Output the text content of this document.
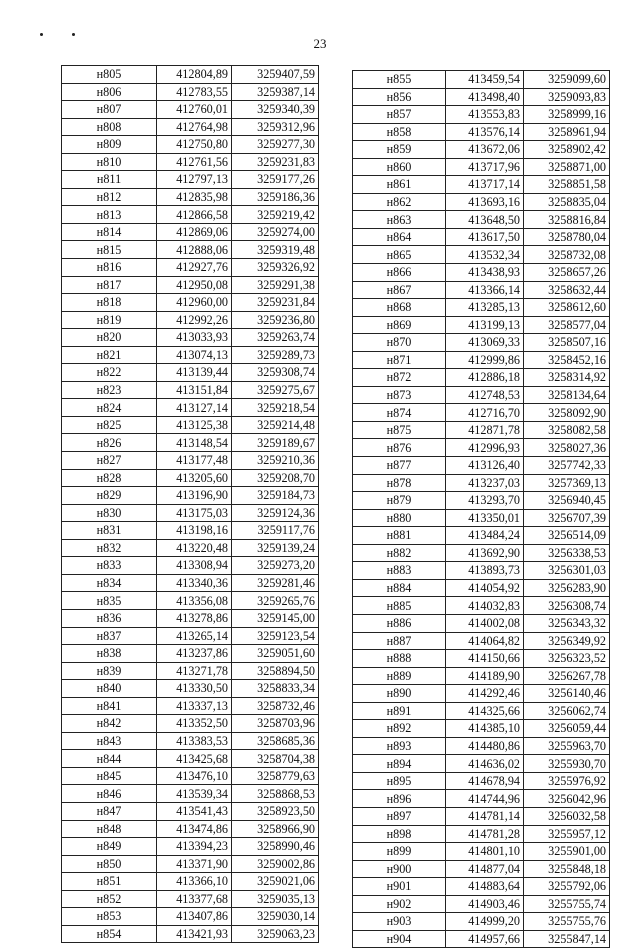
23
н805	412804,89	3259407,59
н806	412783,55	3259387,14
н807	412760,01	3259340,39
н808	412764,98	3259312,96
н809	412750,80	3259277,30
н810	412761,56	3259231,83
н811	412797,13	3259177,26
н812	412835,98	3259186,36
н813	412866,58	3259219,42
н814	412869,06	3259274,00
н815	412888,06	3259319,48
н816	412927,76	3259326,92
н817	412950,08	3259291,38
н818	412960,00	3259231,84
н819	412992,26	3259236,80
н820	413033,93	3259263,74
н821	413074,13	3259289,73
н822	413139,44	3259308,74
н823	413151,84	3259275,67
н824	413127,14	3259218,54
н825	413125,38	3259214,48
н826	413148,54	3259189,67
н827	413177,48	3259210,36
н828	413205,60	3259208,70
н829	413196,90	3259184,73
н830	413175,03	3259124,36
н831	413198,16	3259117,76
н832	413220,48	3259139,24
н833	413308,94	3259273,20
н834	413340,36	3259281,46
н835	413356,08	3259265,76
н836	413278,86	3259145,00
н837	413265,14	3259123,54
н838	413237,86	3259051,60
н839	413271,78	3258894,50
н840	413330,50	3258833,34
н841	413337,13	3258732,46
н842	413352,50	3258703,96
н843	413383,53	3258685,36
н844	413425,68	3258704,38
н845	413476,10	3258779,63
н846	413539,34	3258868,53
н847	413541,43	3258923,50
н848	413474,86	3258966,90
н849	413394,23	3258990,46
н850	413371,90	3259002,86
н851	413366,10	3259021,06
н852	413377,68	3259035,13
н853	413407,86	3259030,14
н854	413421,93	3259063,23
н855	413459,54	3259099,60
н856	413498,40	3259093,83
н857	413553,83	3258999,16
н858	413576,14	3258961,94
н859	413672,06	3258902,42
н860	413717,96	3258871,00
н861	413717,14	3258851,58
н862	413693,16	3258835,04
н863	413648,50	3258816,84
н864	413617,50	3258780,04
н865	413532,34	3258732,08
н866	413438,93	3258657,26
н867	413366,14	3258632,44
н868	413285,13	3258612,60
н869	413199,13	3258577,04
н870	413069,33	3258507,16
н871	412999,86	3258452,16
н872	412886,18	3258314,92
н873	412748,53	3258134,64
н874	412716,70	3258092,90
н875	412871,78	3258082,58
н876	412996,93	3258027,36
н877	413126,40	3257742,33
н878	413237,03	3257369,13
н879	413293,70	3256940,45
н880	413350,01	3256707,39
н881	413484,24	3256514,09
н882	413692,90	3256338,53
н883	413893,73	3256301,03
н884	414054,92	3256283,90
н885	414032,83	3256308,74
н886	414002,08	3256343,32
н887	414064,82	3256349,92
н888	414150,66	3256323,52
н889	414189,90	3256267,78
н890	414292,46	3256140,46
н891	414325,66	3256062,74
н892	414385,10	3256059,44
н893	414480,86	3255963,70
н894	414636,02	3255930,70
н895	414678,94	3255976,92
н896	414744,96	3256042,96
н897	414781,14	3256032,58
н898	414781,28	3255957,12
н899	414801,10	3255901,00
н900	414877,04	3255848,18
н901	414883,64	3255792,06
н902	414903,46	3255755,74
н903	414999,20	3255755,76
н904	414957,66	3255847,14
